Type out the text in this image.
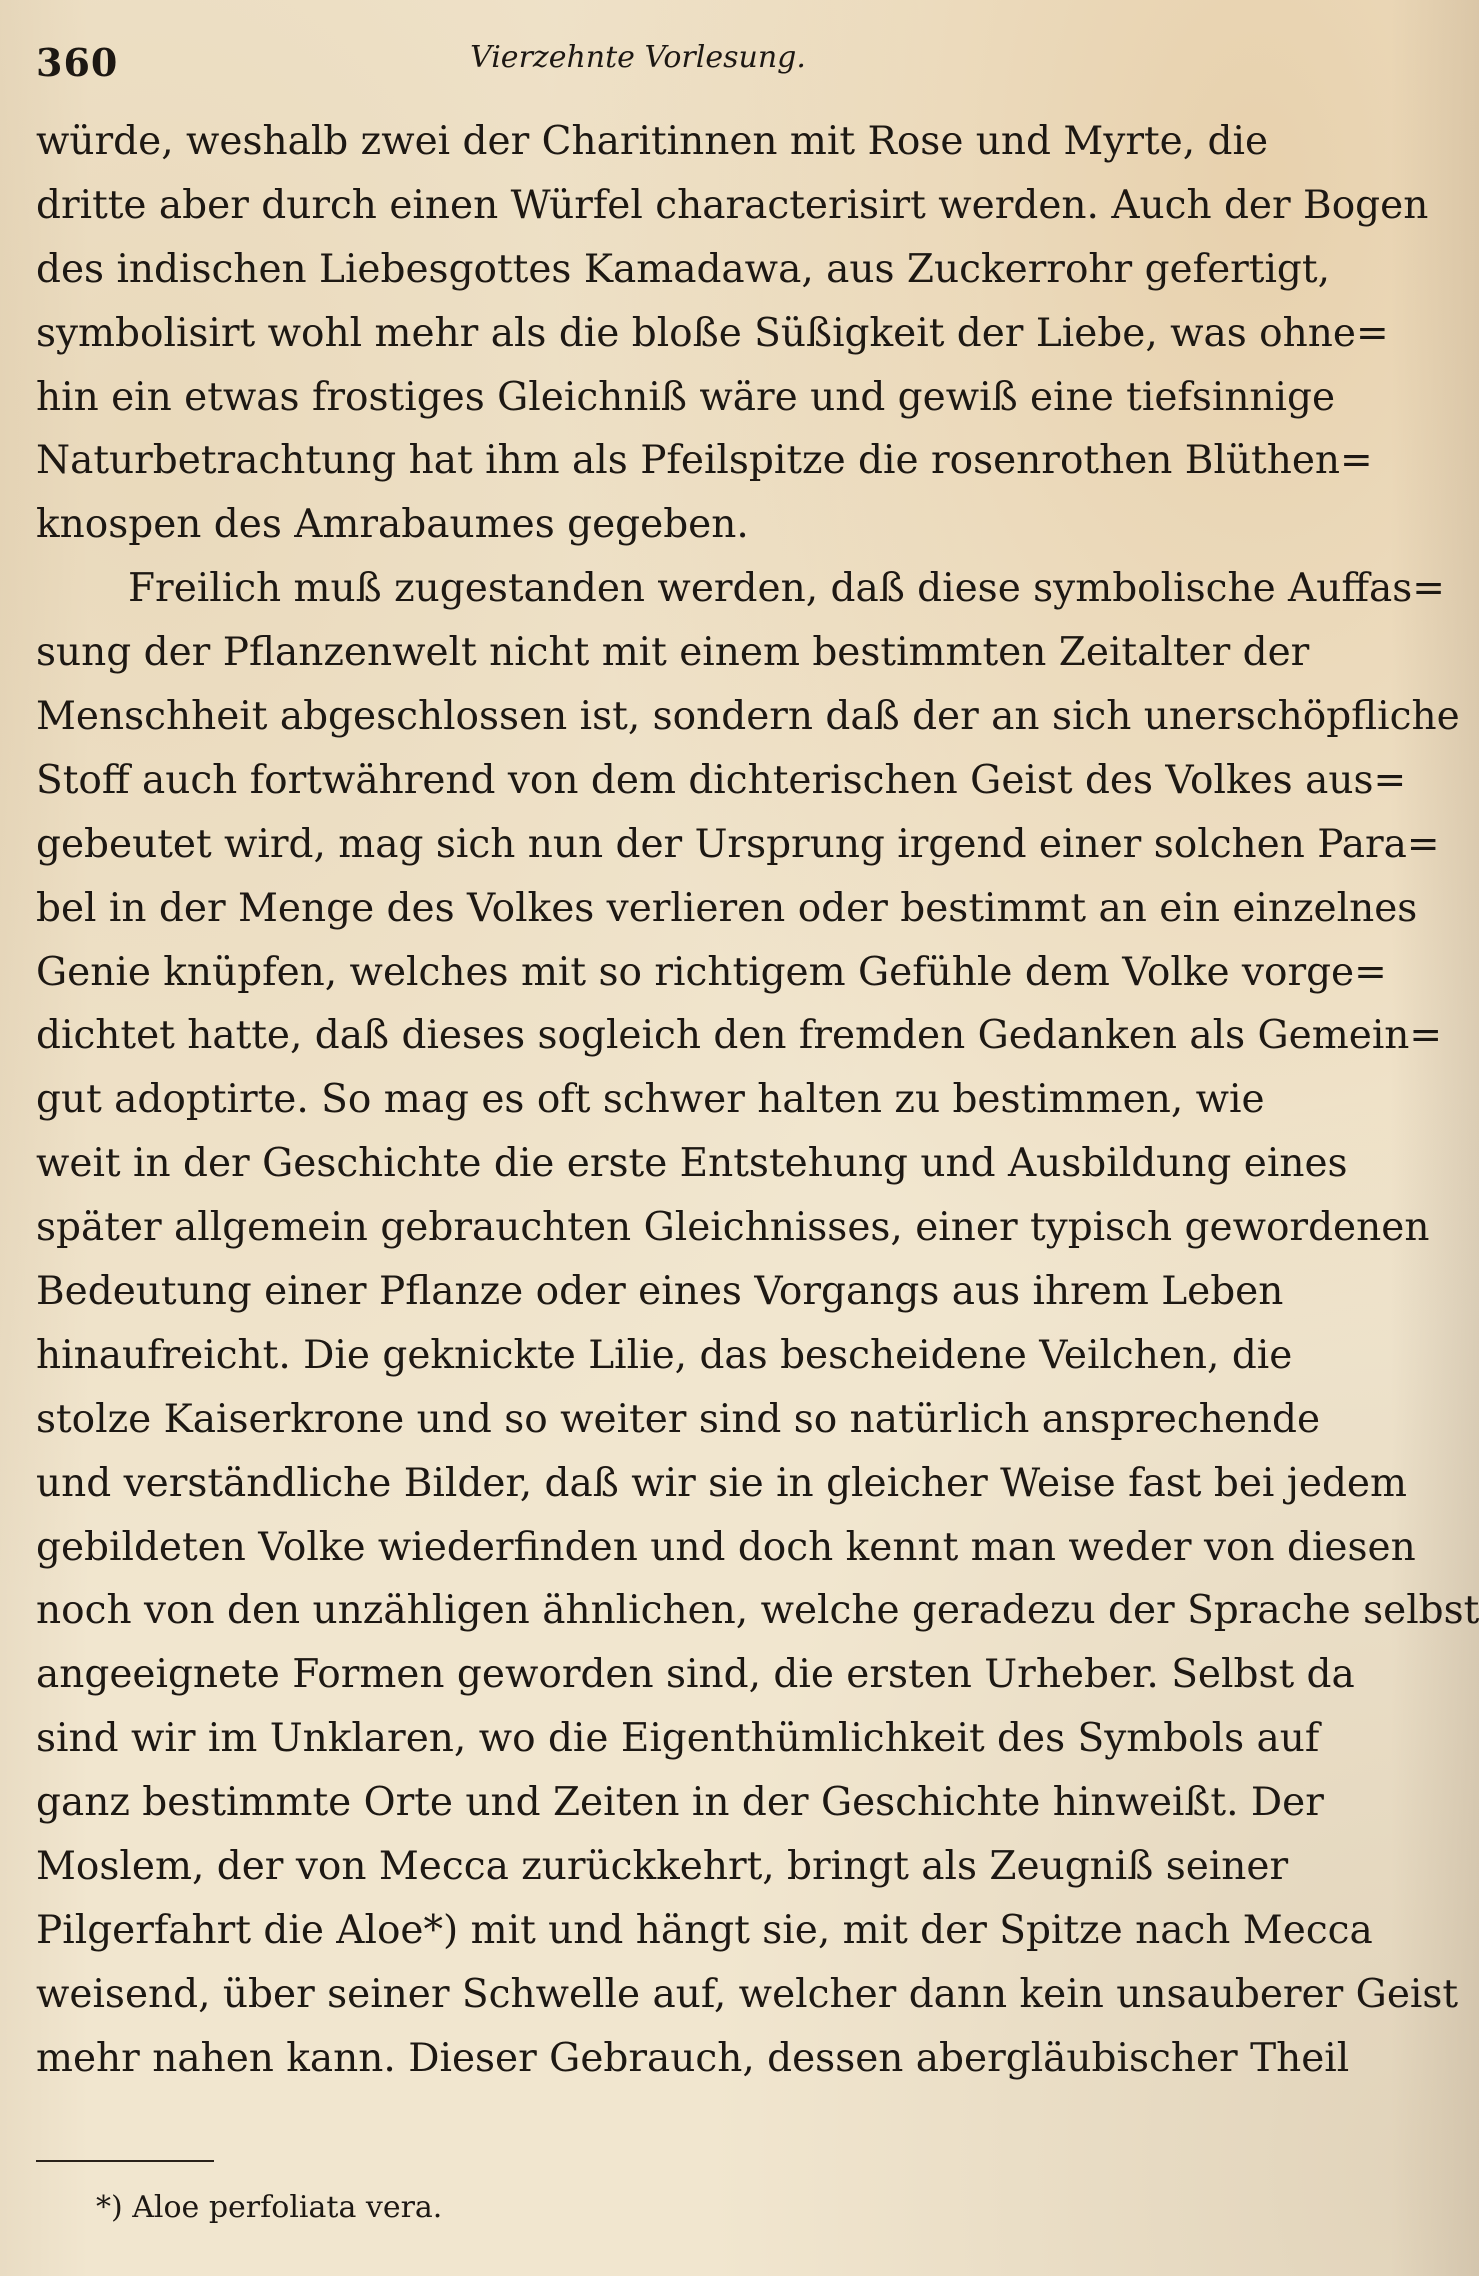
360	Vierzehnte Vorlesung.
würde, weshalb zwei der Charitinnen mit Rose und Myrte, die
dritte aber durch einen Würfel characterisirt werden. Auch der Bogen
des indischen Liebesgottes Kamadawa, aus Zuckerrohr gefertigt,
symbolisirt wohl mehr als die bloße Süßigkeit der Liebe, was ohne=
hin ein etwas frostiges Gleichniß wäre und gewiß eine tiefsinnige
Naturbetrachtung hat ihm als Pfeilspitze die rosenrothen Blüthen=
knospen des Amrabaumes gegeben.
Freilich muß zugestanden werden, daß diese symbolische Auffas=
sung der Pflanzenwelt nicht mit einem bestimmten Zeitalter der
Menschheit abgeschlossen ist, sondern daß der an sich unerschöpfliche
Stoff auch fortwährend von dem dichterischen Geist des Volkes aus=
gebeutet wird, mag sich nun der Ursprung irgend einer solchen Para=
bel in der Menge des Volkes verlieren oder bestimmt an ein einzelnes
Genie knüpfen, welches mit so richtigem Gefühle dem Volke vorge=
dichtet hatte, daß dieses sogleich den fremden Gedanken als Gemein=
gut adoptirte. So mag es oft schwer halten zu bestimmen, wie
weit in der Geschichte die erste Entstehung und Ausbildung eines
später allgemein gebrauchten Gleichnisses, einer typisch gewordenen
Bedeutung einer Pflanze oder eines Vorgangs aus ihrem Leben
hinaufreicht. Die geknickte Lilie, das bescheidene Veilchen, die
stolze Kaiserkrone und so weiter sind so natürlich ansprechende
und verständliche Bilder, daß wir sie in gleicher Weise fast bei jedem
gebildeten Volke wiederfinden und doch kennt man weder von diesen
noch von den unzähligen ähnlichen, welche geradezu der Sprache selbst
angeeignete Formen geworden sind, die ersten Urheber. Selbst da
sind wir im Unklaren, wo die Eigenthümlichkeit des Symbols auf
ganz bestimmte Orte und Zeiten in der Geschichte hinweißt. Der
Moslem, der von Mecca zurückkehrt, bringt als Zeugniß seiner
Pilgerfahrt die Aloe*) mit und hängt sie, mit der Spitze nach Mecca
weisend, über seiner Schwelle auf, welcher dann kein unsauberer Geist
mehr nahen kann. Dieser Gebrauch, dessen abergläubischer Theil
*) Aloe perfoliata vera.
